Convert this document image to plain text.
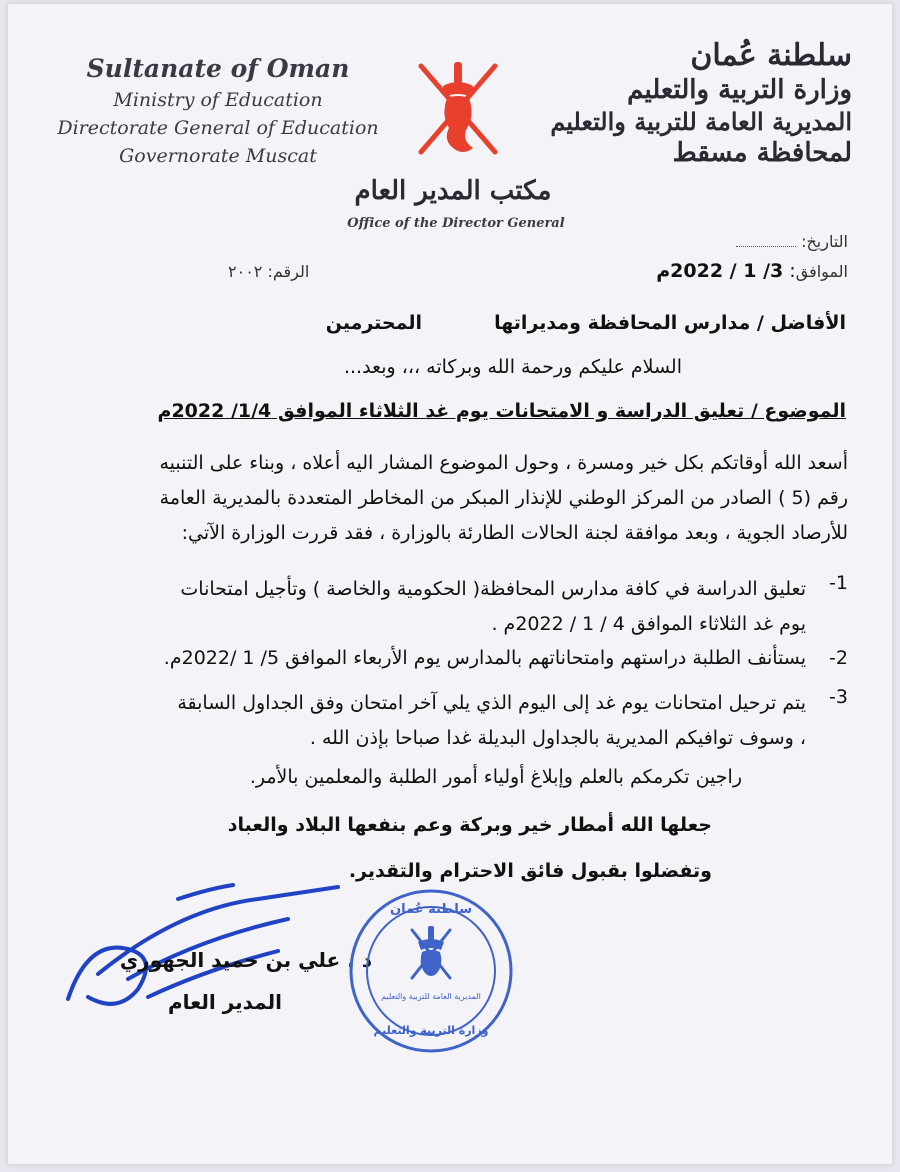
Sultanate of Oman
Ministry of Education
Directorate General of Education
Governorate Muscat
سلطنة عُمان
وزارة التربية والتعليم
المديرية العامة للتربية والتعليم
لمحافظة مسقط
مكتب المدير العام
Office of the Director General
التاريخ:
الموافق: 3/ 1 / 2022م
الرقم: ٢٠٠٢
الأفاضل / مدارس المحافظة ومديراتها
المحترمين
السلام عليكم ورحمة الله وبركاته ،،، وبعد...
الموضوع / تعليق الدراسة و الامتحانات يوم غد الثلاثاء الموافق 1/4/ 2022م
أسعد الله أوقاتكم بكل خير ومسرة ، وحول الموضوع المشار اليه أعلاه ، وبناء على التنبيه
رقم (5 ) الصادر من المركز الوطني للإنذار المبكر من المخاطر المتعددة بالمديرية العامة
للأرصاد الجوية ، وبعد موافقة لجنة الحالات الطارئة بالوزارة ، فقد قررت الوزارة الآتي:
1-
تعليق الدراسة في كافة مدارس المحافظة( الحكومية والخاصة ) وتأجيل امتحانات
يوم غد الثلاثاء الموافق 4 / 1 / 2022م .
2-
يستأنف الطلبة دراستهم وامتحاناتهم بالمدارس يوم الأربعاء الموافق 5/ 1 /2022م.
3-
يتم ترحيل امتحانات يوم غد إلى اليوم الذي يلي آخر امتحان وفق الجداول السابقة
، وسوف توافيكم المديرية بالجداول البديلة غدا صباحا بإذن الله .
راجين تكرمكم بالعلم وإبلاغ أولياء أمور الطلبة والمعلمين بالأمر.
جعلها الله أمطار خير وبركة وعم بنفعها البلاد والعباد
وتفضلوا بقبول فائق الاحترام والتقدير.
د . علي بن حميد الجهوري
المدير العام
سلطنة عُمان
المديرية العامة للتربية والتعليم
وزارة التربية والتعليم
